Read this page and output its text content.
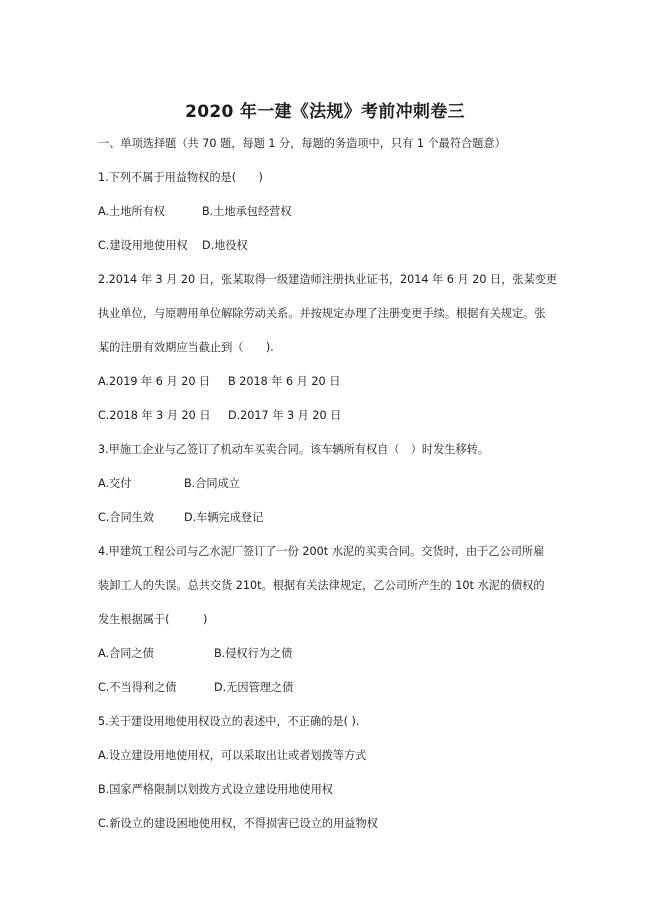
2020 年一建《法规》考前冲刺卷三
一、单项选择题（共 70 题，每题 1 分，每题的务造项中，只有 1 个最符合题意）
1.下列不属于用益物权的是(　　)
A.土地所有权	B.土地承包经营权
C.建设用地使用权 D.地役权
2.2014 年 3 月 20 日，张某取得一级建造师注册执业证书，2014 年 6 月 20 日，张某变更
执业单位，与原聘用单位解除劳动关系。并按规定办理了注册变更手续。根据有关规定。张
某的注册有效期应当截止到（　　).
A.2019 年 6 月 20 日 B 2018 年 6 月 20 日
C.2018 年 3 月 20 日 D.2017 年 3 月 20 日
3.甲施工企业与乙签订了机动车买卖合同。该车辆所有权自（　）时发生移转。
A.交付	B.合同成立
C.合同生效	D.车辆完成登记
4.甲建筑工程公司与乙水泥厂签订了一份 200t 水泥的买卖合同。交货时，由于乙公司所雇
装卸工人的失误。总共交货 210t。根据有关法律规定，乙公司所产生的 10t 水泥的债权的
发生根据属于(　　　)
A.合同之债	B.侵权行为之债
C.不当得利之债	D.无因管理之债
5.关于建设用地使用权设立的表述中，不正确的是( ).
A.设立建设用地使用权，可以采取出让或者划拨等方式
B.国家严格限制以划拨方式设立建设用地使用权
C.新设立的建设困地使用权，不得损害已设立的用益物权
